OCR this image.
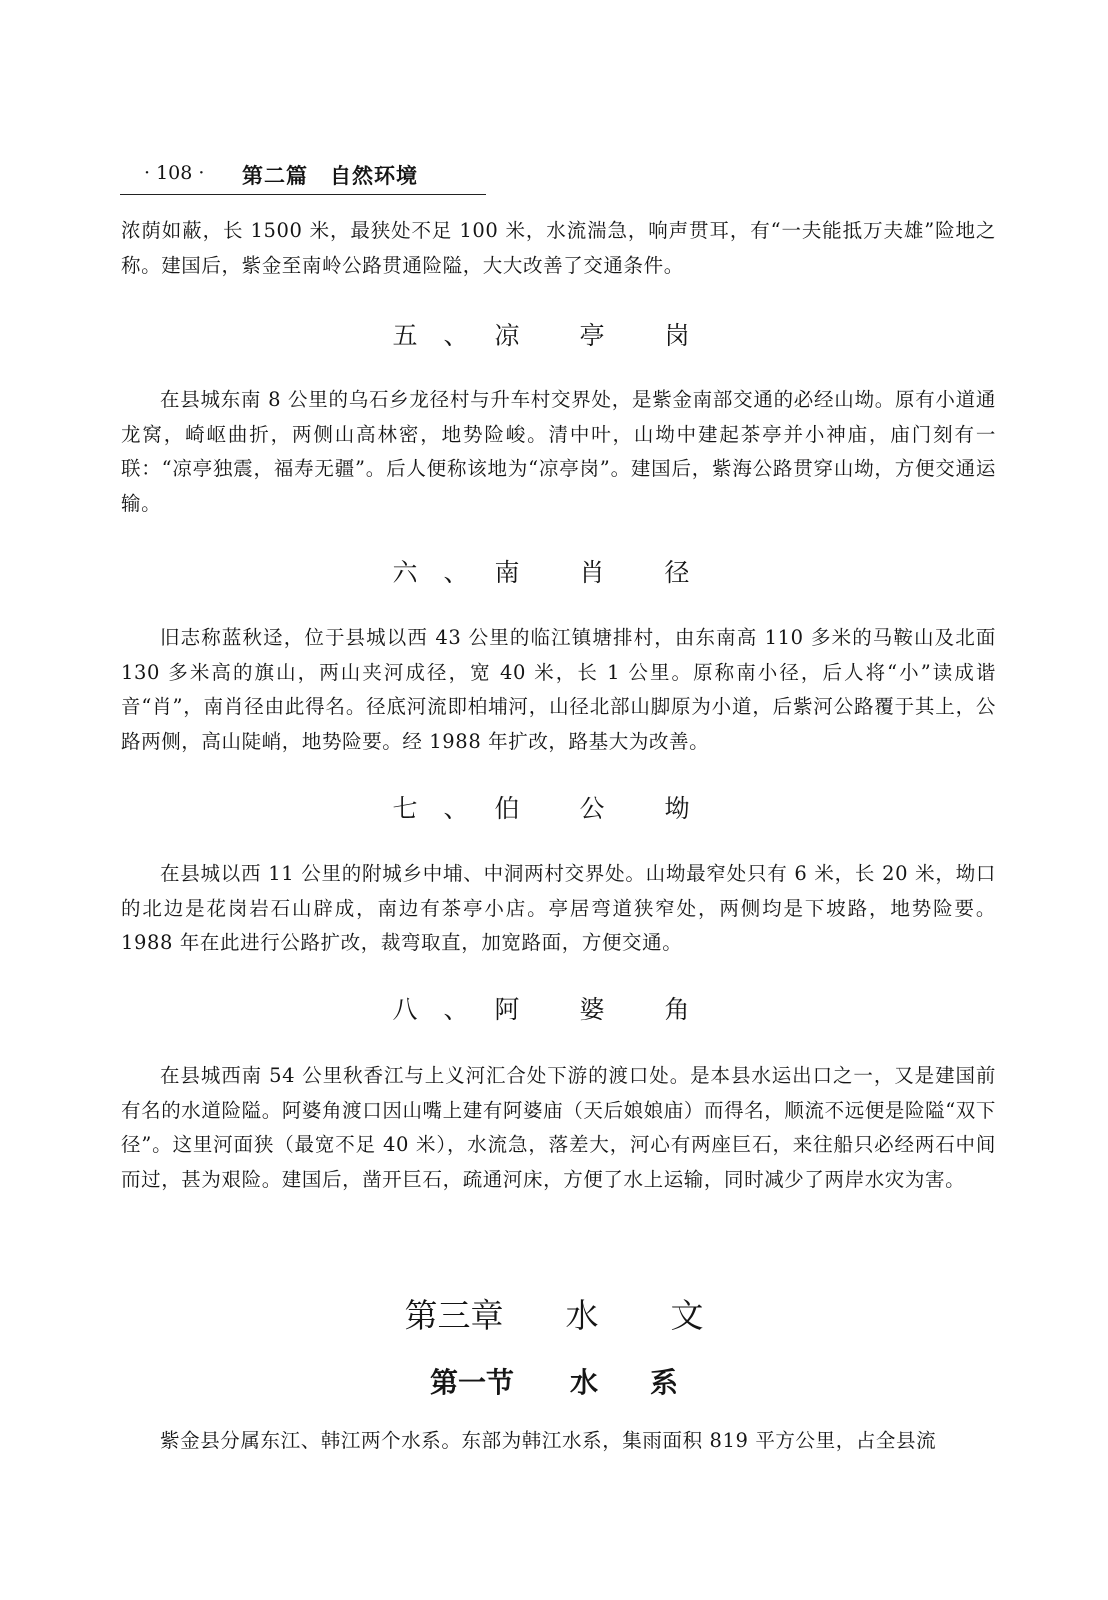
· 108 · 第二篇　自然环境

浓荫如蔽，长 1500 米，最狭处不足 100 米，水流湍急，响声贯耳，有“一夫能抵万夫雄”险地之称。建国后，紫金至南岭公路贯通险隘，大大改善了交通条件。

五、凉 亭 岗

在县城东南 8 公里的乌石乡龙径村与升车村交界处，是紫金南部交通的必经山坳。原有小道通龙窝，崎岖曲折，两侧山高林密，地势险峻。清中叶，山坳中建起茶亭并小神庙，庙门刻有一联：“凉亭独震，福寿无疆”。后人便称该地为“凉亭岗”。建国后，紫海公路贯穿山坳，方便交通运输。

六、南 肖 径

旧志称蓝秋迳，位于县城以西 43 公里的临江镇塘排村，由东南高 110 多米的马鞍山及北面 130 多米高的旗山，两山夹河成径，宽 40 米，长 1 公里。原称南小径，后人将“小”读成谐音“肖”，南肖径由此得名。径底河流即柏埔河，山径北部山脚原为小道，后紫河公路覆于其上，公路两侧，高山陡峭，地势险要。经 1988 年扩改，路基大为改善。

七、伯 公 坳

在县城以西 11 公里的附城乡中埔、中洞两村交界处。山坳最窄处只有 6 米，长 20 米，坳口的北边是花岗岩石山辟成，南边有茶亭小店。亭居弯道狭窄处，两侧均是下坡路，地势险要。1988 年在此进行公路扩改，裁弯取直，加宽路面，方便交通。

八、阿 婆 角

在县城西南 54 公里秋香江与上义河汇合处下游的渡口处。是本县水运出口之一，又是建国前有名的水道险隘。阿婆角渡口因山嘴上建有阿婆庙（天后娘娘庙）而得名，顺流不远便是险隘“双下径”。这里河面狭（最宽不足 40 米），水流急，落差大，河心有两座巨石，来往船只必经两石中间而过，甚为艰险。建国后，凿开巨石，疏通河床，方便了水上运输，同时减少了两岸水灾为害。

第三章 水文
第一节 水系

紫金县分属东江、韩江两个水系。东部为韩江水系，集雨面积 819 平方公里，占全县流
